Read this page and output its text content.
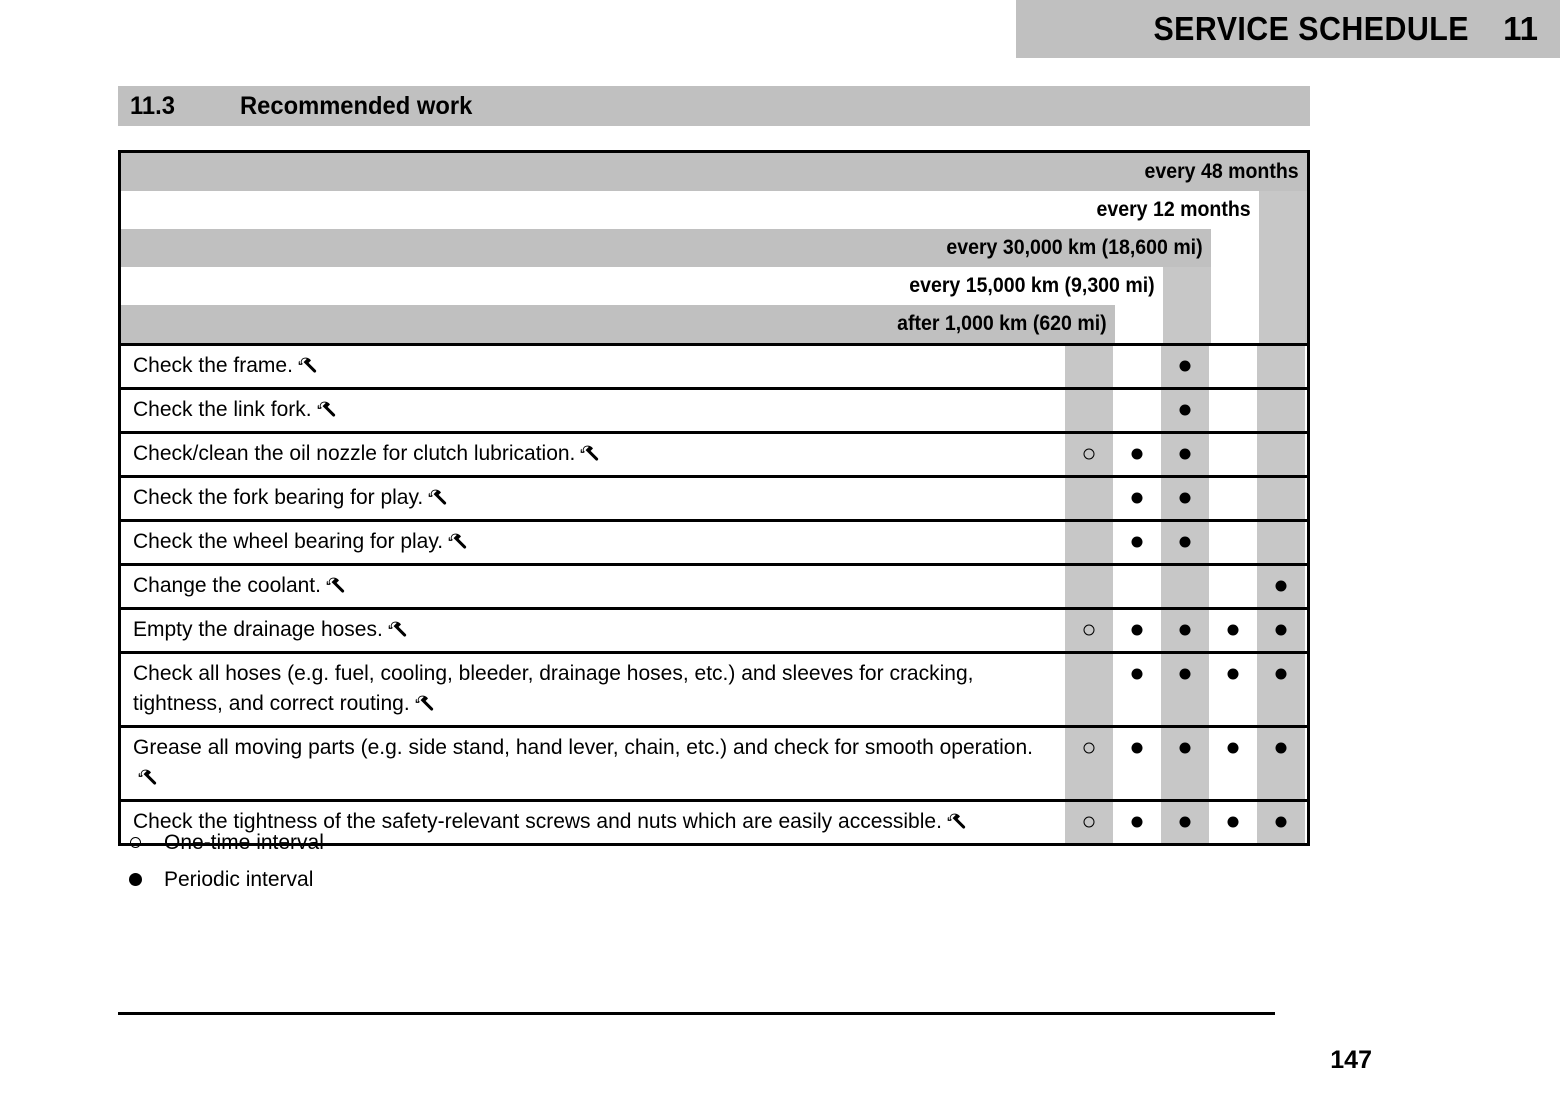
SERVICE SCHEDULE 11
11.3	Recommended work
every 48 months
every 12 months
every 30,000 km (18,600 mi)
every 15,000 km (9,300 mi)
after 1,000 km (620 mi)
Check the frame.
Check the link fork.
Check/clean the oil nozzle for clutch lubrication.
Check the fork bearing for play.
Check the wheel bearing for play.
Change the coolant.
Empty the drainage hoses.
Check all hoses (e.g. fuel, cooling, bleeder, drainage hoses, etc.) and sleeves for cracking, tightness, and correct routing.
Grease all moving parts (e.g. side stand, hand lever, chain, etc.) and check for smooth operation.
Check the tightness of the safety-relevant screws and nuts which are easily accessible.
One-time interval
Periodic interval
147
